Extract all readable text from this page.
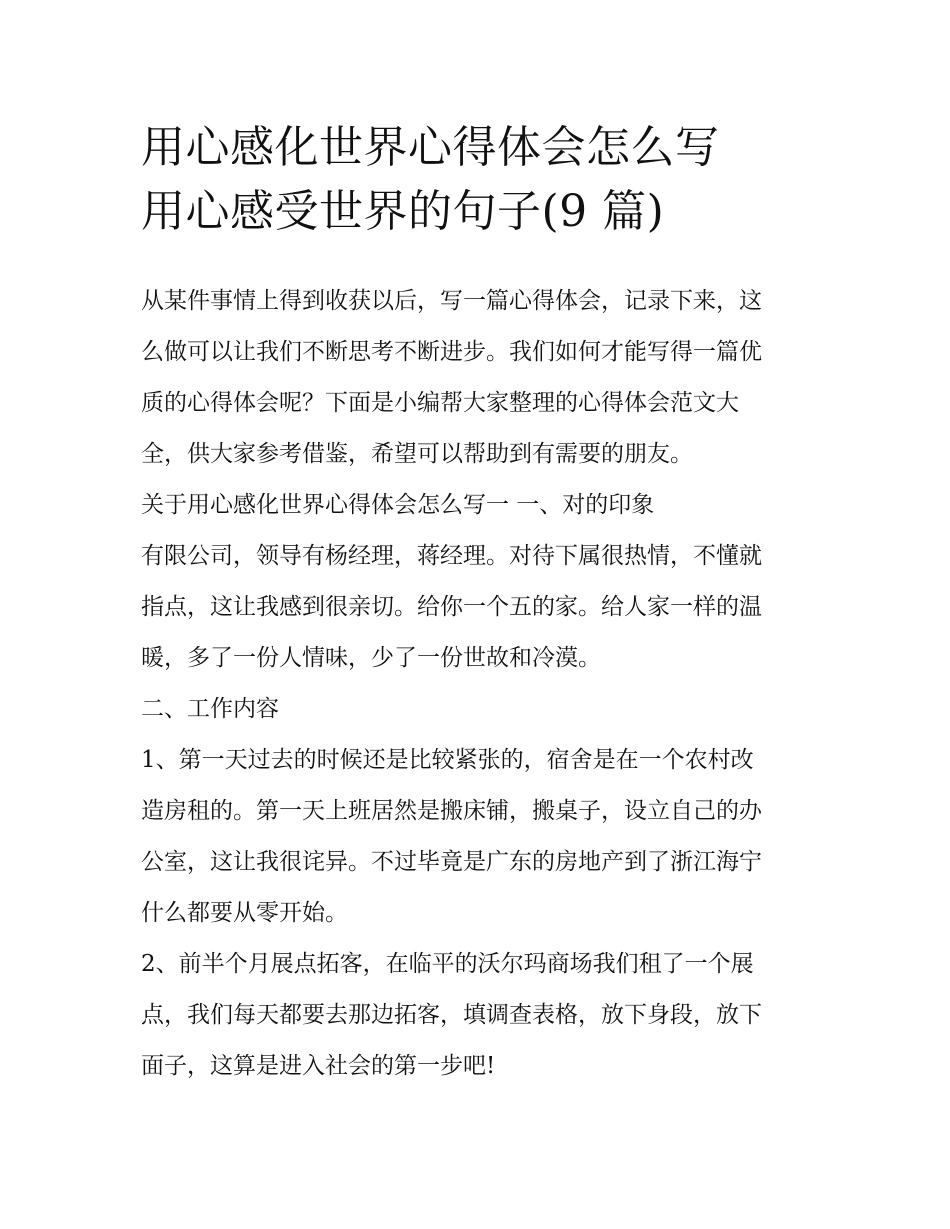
用心感化世界心得体会怎么写
用心感受世界的句子(9 篇)

从某件事情上得到收获以后，写一篇心得体会，记录下来，这

么做可以让我们不断思考不断进步。我们如何才能写得一篇优

质的心得体会呢？下面是小编帮大家整理的心得体会范文大

全，供大家参考借鉴，希望可以帮助到有需要的朋友。

关于用心感化世界心得体会怎么写一 一、对的印象

有限公司，领导有杨经理，蒋经理。对待下属很热情，不懂就

指点，这让我感到很亲切。给你一个五的家。给人家一样的温

暖，多了一份人情味，少了一份世故和冷漠。

二、工作内容

1、第一天过去的时候还是比较紧张的，宿舍是在一个农村改

造房租的。第一天上班居然是搬床铺，搬桌子，设立自己的办

公室，这让我很诧异。不过毕竟是广东的房地产到了浙江海宁

什么都要从零开始。

2、前半个月展点拓客，在临平的沃尔玛商场我们租了一个展

点，我们每天都要去那边拓客，填调查表格，放下身段，放下

面子，这算是进入社会的第一步吧!
